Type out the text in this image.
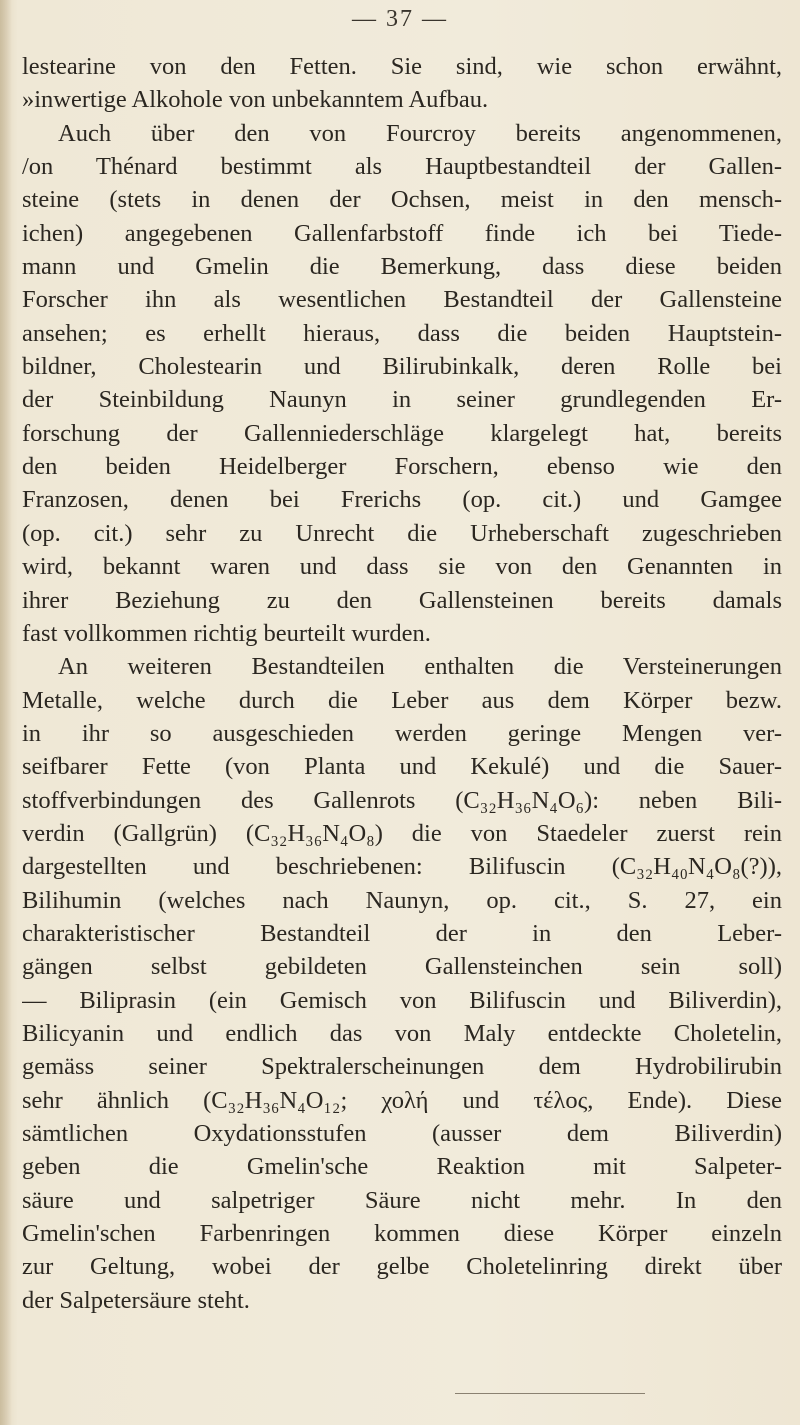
— 37 —
lestearine von den Fetten. Sie sind, wie schon erwähnt,
»inwertige Alkohole von unbekanntem Aufbau.
Auch über den von Fourcroy bereits angenommenen,
/on Thénard bestimmt als Hauptbestandteil der Gallen-
steine (stets in denen der Ochsen, meist in den mensch-
ichen) angegebenen Gallenfarbstoff finde ich bei Tiede-
mann und Gmelin die Bemerkung, dass diese beiden
Forscher ihn als wesentlichen Bestandteil der Gallensteine
ansehen; es erhellt hieraus, dass die beiden Hauptstein-
bildner, Cholestearin und Bilirubinkalk, deren Rolle bei
der Steinbildung Naunyn in seiner grundlegenden Er-
forschung der Gallenniederschläge klargelegt hat, bereits
den beiden Heidelberger Forschern, ebenso wie den
Franzosen, denen bei Frerichs (op. cit.) und Gamgee
(op. cit.) sehr zu Unrecht die Urheberschaft zugeschrieben
wird, bekannt waren und dass sie von den Genannten in
ihrer Beziehung zu den Gallensteinen bereits damals
fast vollkommen richtig beurteilt wurden.
An weiteren Bestandteilen enthalten die Versteinerungen
Metalle, welche durch die Leber aus dem Körper bezw.
in ihr so ausgeschieden werden geringe Mengen ver-
seifbarer Fette (von Planta und Kekulé) und die Sauer-
stoffverbindungen des Gallenrots (C₃₂H₃₆N₄O₆): neben Bili-
verdin (Gallgrün) (C₃₂H₃₆N₄O₈) die von Staedeler zuerst rein
dargestellten und beschriebenen: Bilifuscin (C₃₂H₄₀N₄O₈(?)),
Bilihumin (welches nach Naunyn, op. cit., S. 27, ein
charakteristischer Bestandteil der in den Leber-
gängen selbst gebildeten Gallensteinchen sein soll)
— Biliprasin (ein Gemisch von Bilifuscin und Biliverdin),
Bilicyanin und endlich das von Maly entdeckte Choletelin,
gemäss seiner Spektralerscheinungen dem Hydrobilirubin
sehr ähnlich (C₃₂H₃₆N₄O₁₂; χολή und τέλος, Ende). Diese
sämtlichen Oxydationsstufen (ausser dem Biliverdin)
geben die Gmelin'sche Reaktion mit Salpeter-
säure und salpetriger Säure nicht mehr. In den
Gmelin'schen Farbenringen kommen diese Körper einzeln
zur Geltung, wobei der gelbe Choletelinring direkt über
der Salpetersäure steht.
